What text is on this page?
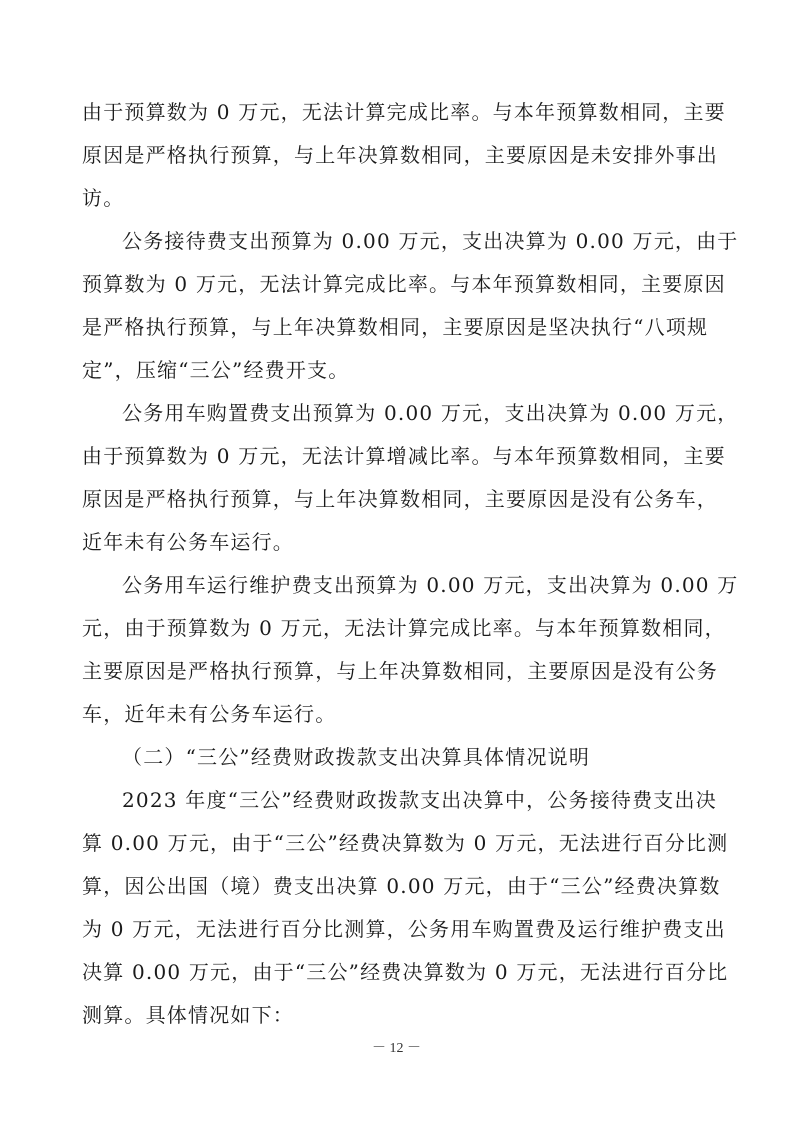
由于预算数为 0 万元，无法计算完成比率。与本年预算数相同，主要
原因是严格执行预算，与上年决算数相同，主要原因是未安排外事出
访。
公务接待费支出预算为 0.00 万元，支出决算为 0.00 万元，由于
预算数为 0 万元，无法计算完成比率。与本年预算数相同，主要原因
是严格执行预算，与上年决算数相同，主要原因是坚决执行“八项规
定”，压缩“三公”经费开支。
公务用车购置费支出预算为 0.00 万元，支出决算为 0.00 万元，
由于预算数为 0 万元，无法计算增减比率。与本年预算数相同，主要
原因是严格执行预算，与上年决算数相同，主要原因是没有公务车，
近年未有公务车运行。
公务用车运行维护费支出预算为 0.00 万元，支出决算为 0.00 万
元，由于预算数为 0 万元，无法计算完成比率。与本年预算数相同，
主要原因是严格执行预算，与上年决算数相同，主要原因是没有公务
车，近年未有公务车运行。
（二）“三公”经费财政拨款支出决算具体情况说明
2023 年度“三公”经费财政拨款支出决算中，公务接待费支出决
算 0.00 万元，由于“三公”经费决算数为 0 万元，无法进行百分比测
算，因公出国（境）费支出决算 0.00 万元，由于“三公”经费决算数
为 0 万元，无法进行百分比测算，公务用车购置费及运行维护费支出
决算 0.00 万元，由于“三公”经费决算数为 0 万元，无法进行百分比
测算。具体情况如下：
－ 12 －
